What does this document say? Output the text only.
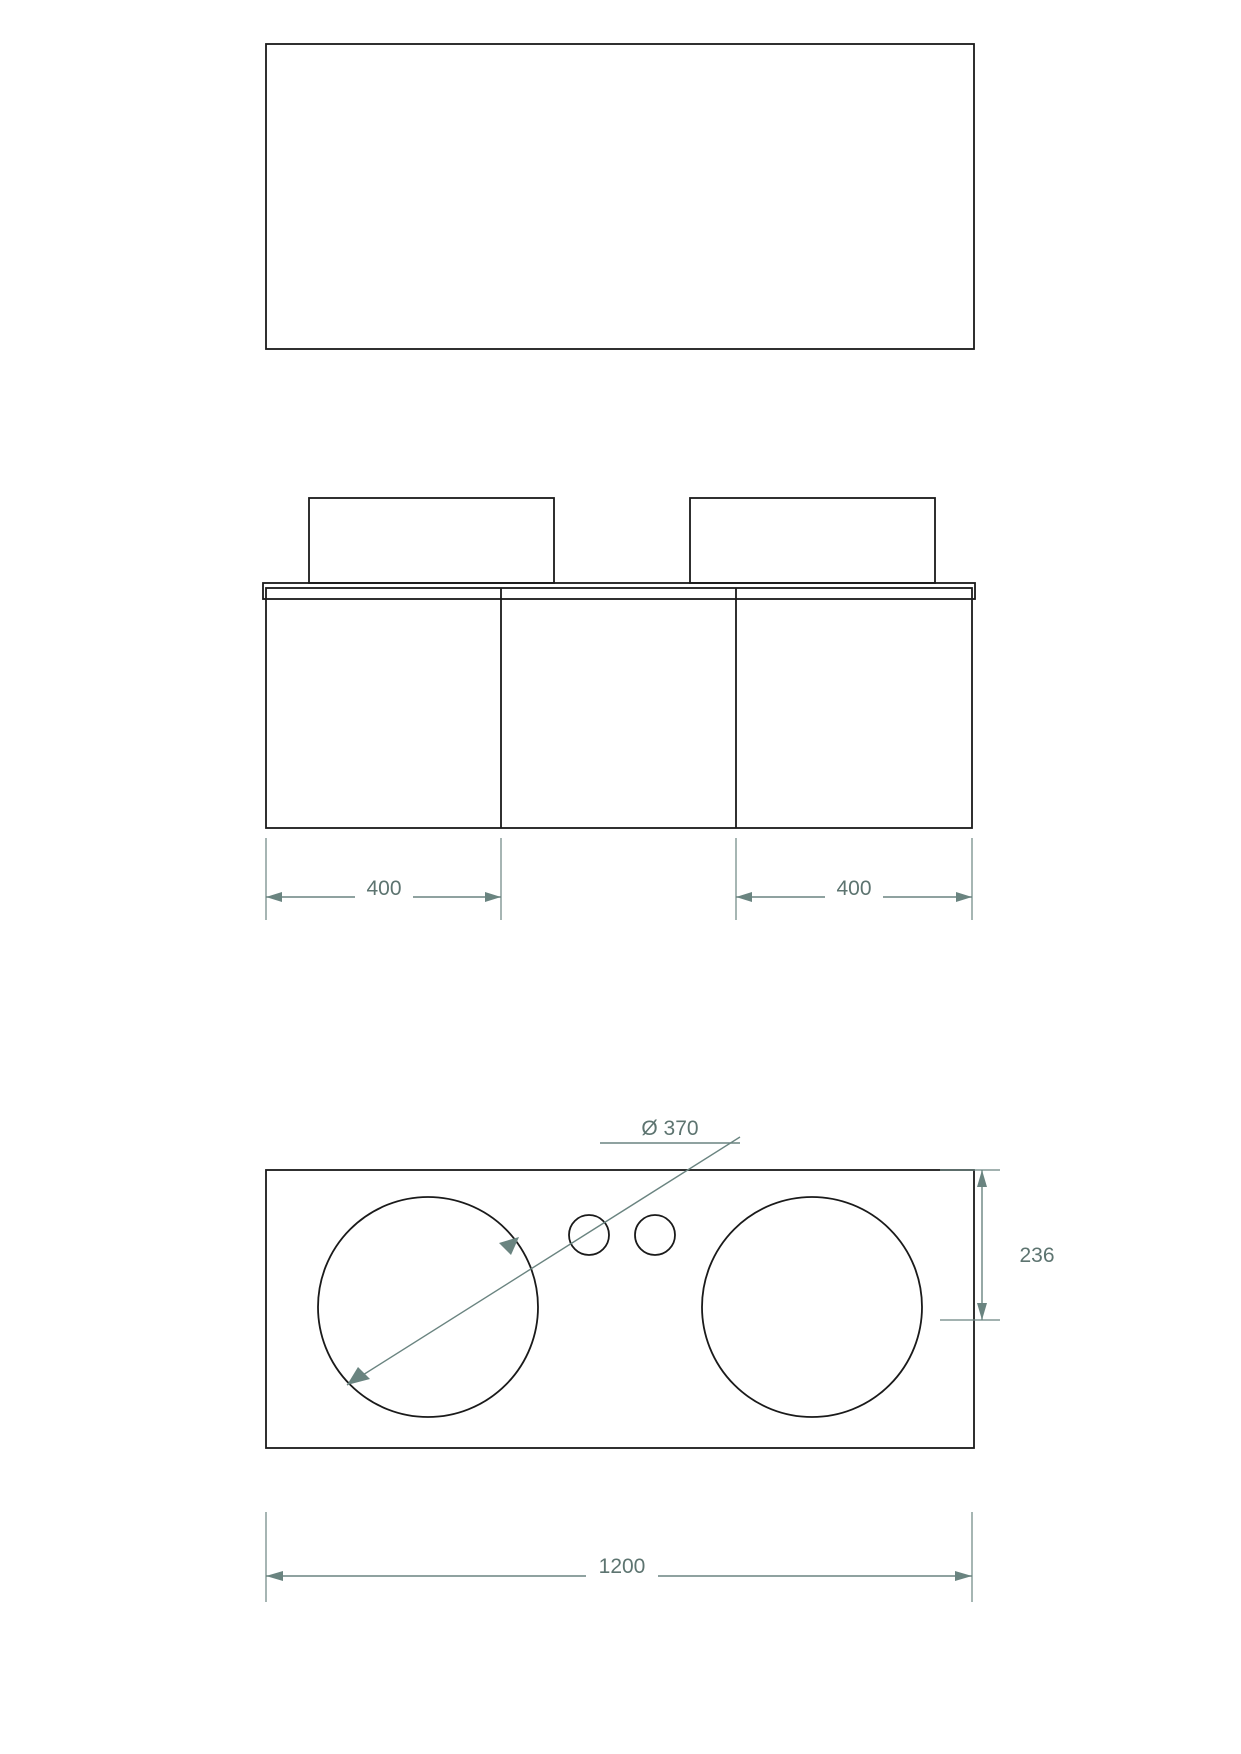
400	400
Ø 370
236
1200
